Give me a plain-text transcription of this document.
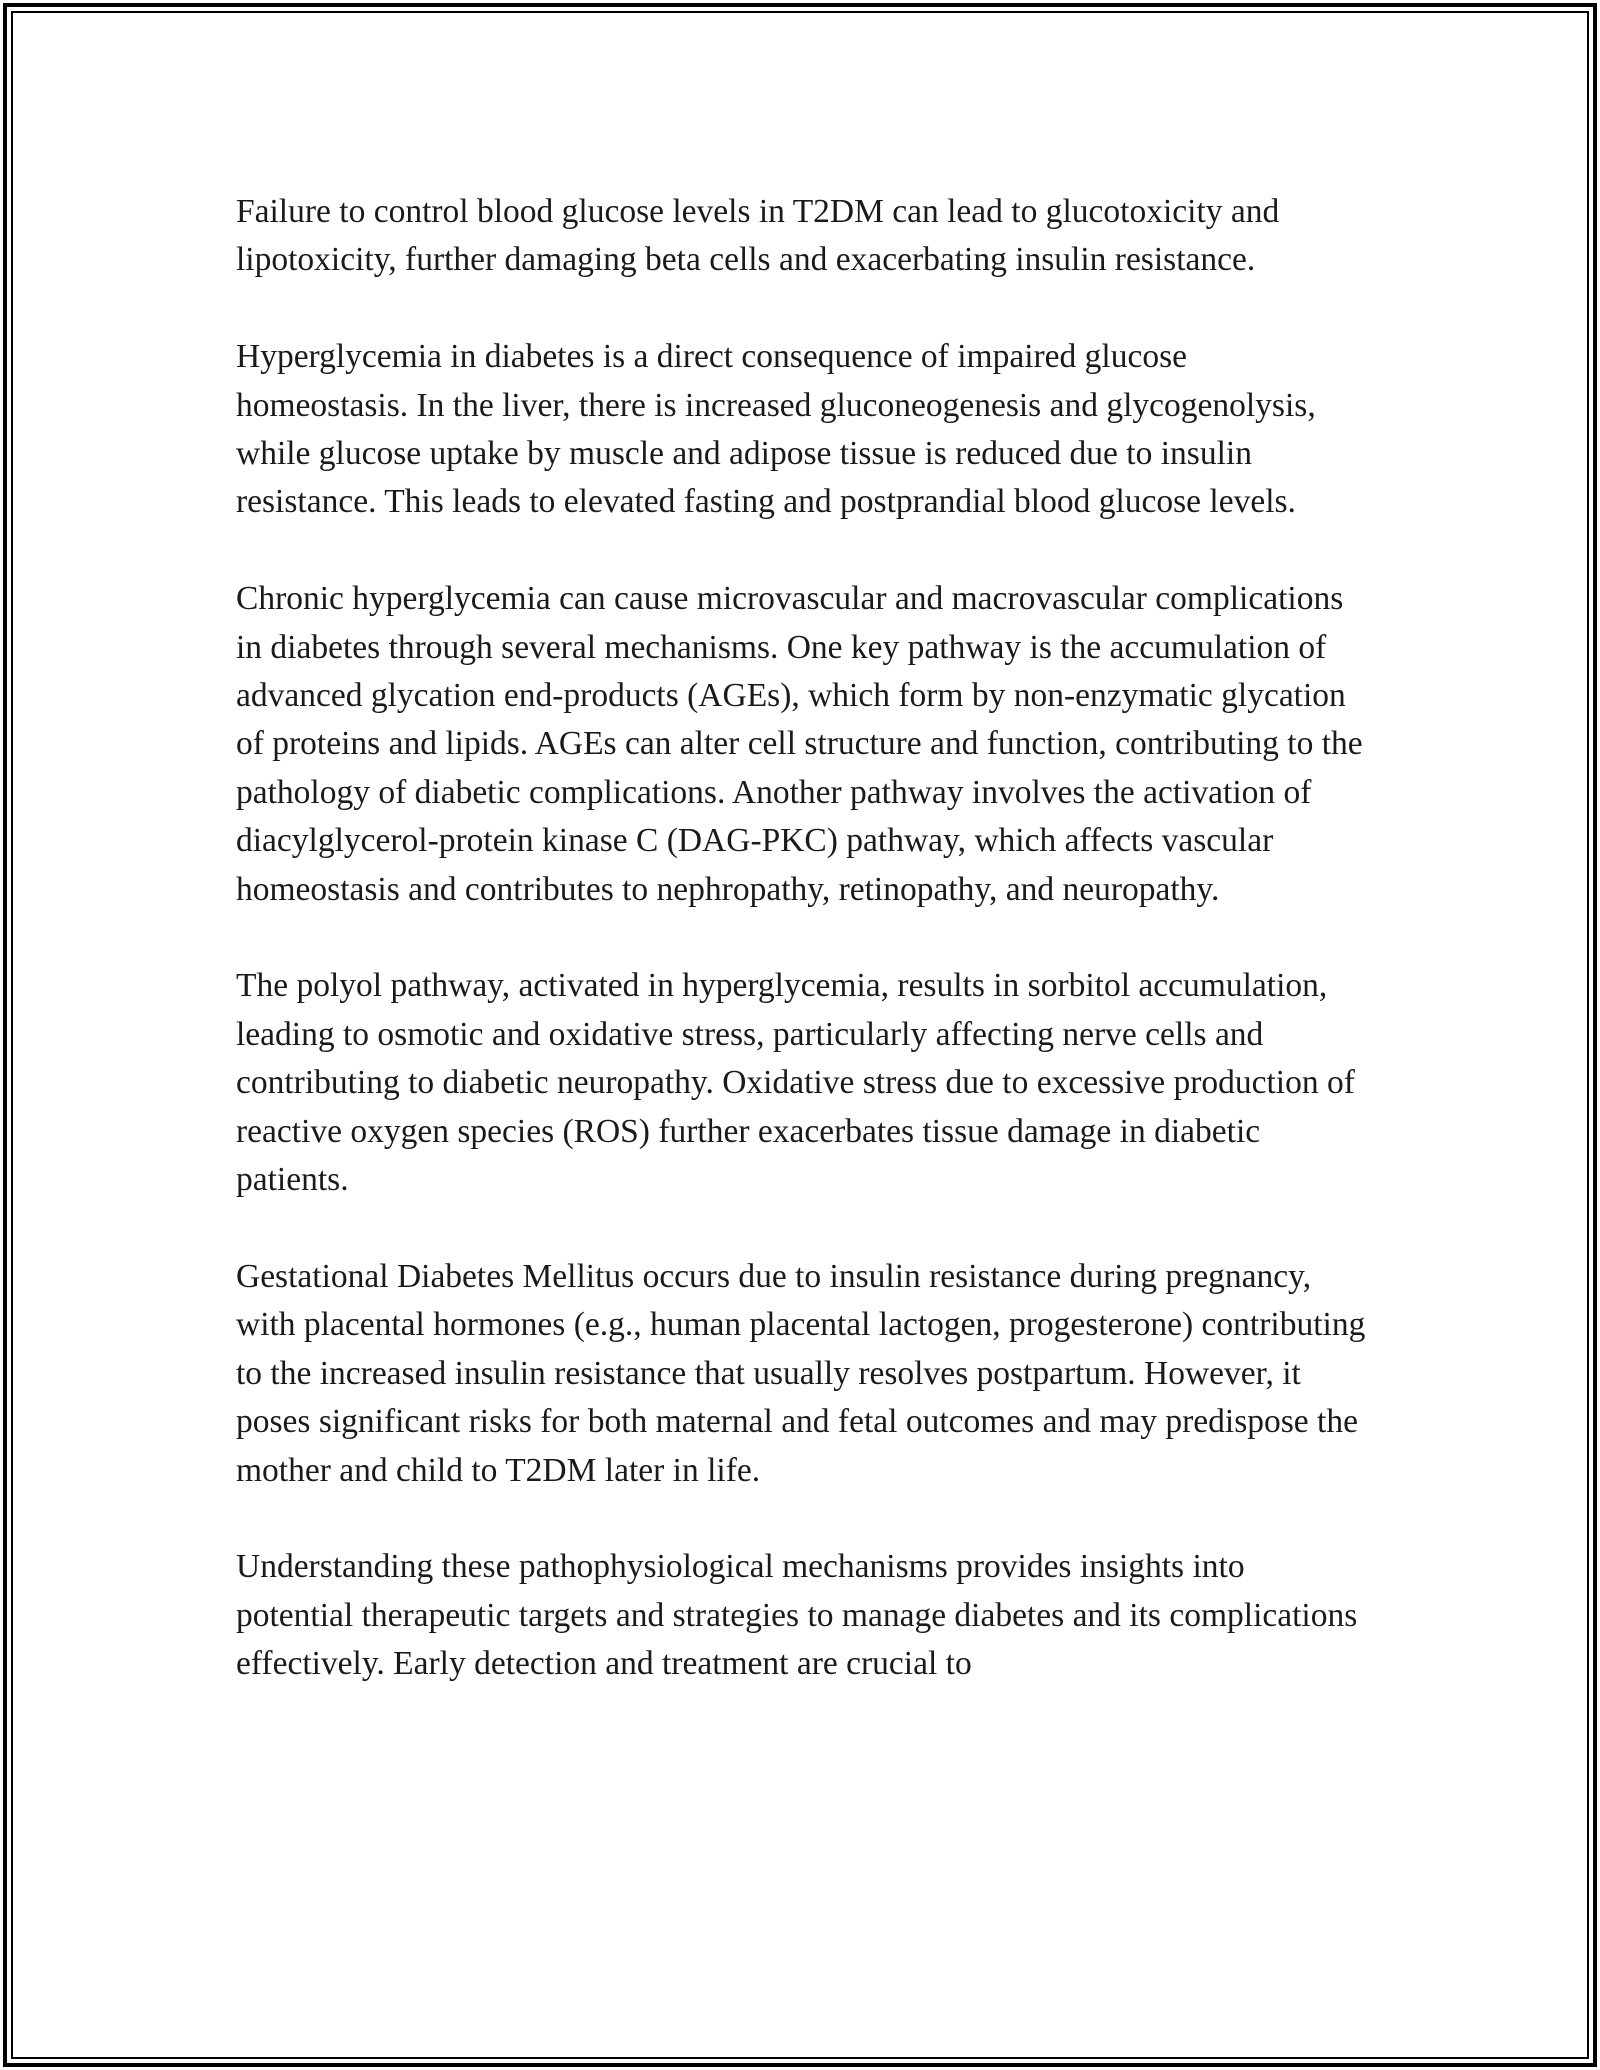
Failure to control blood glucose levels in T2DM can lead to glucotoxicity and lipotoxicity, further damaging beta cells and exacerbating insulin resistance.

Hyperglycemia in diabetes is a direct consequence of impaired glucose homeostasis. In the liver, there is increased gluconeogenesis and glycogenolysis, while glucose uptake by muscle and adipose tissue is reduced due to insulin resistance. This leads to elevated fasting and postprandial blood glucose levels.

Chronic hyperglycemia can cause microvascular and macrovascular complications in diabetes through several mechanisms. One key pathway is the accumulation of advanced glycation end-products (AGEs), which form by non-enzymatic glycation of proteins and lipids. AGEs can alter cell structure and function, contributing to the pathology of diabetic complications. Another pathway involves the activation of diacylglycerol-protein kinase C (DAG-PKC) pathway, which affects vascular homeostasis and contributes to nephropathy, retinopathy, and neuropathy.

The polyol pathway, activated in hyperglycemia, results in sorbitol accumulation, leading to osmotic and oxidative stress, particularly affecting nerve cells and contributing to diabetic neuropathy. Oxidative stress due to excessive production of reactive oxygen species (ROS) further exacerbates tissue damage in diabetic patients.

Gestational Diabetes Mellitus occurs due to insulin resistance during pregnancy, with placental hormones (e.g., human placental lactogen, progesterone) contributing to the increased insulin resistance that usually resolves postpartum. However, it poses significant risks for both maternal and fetal outcomes and may predispose the mother and child to T2DM later in life.

Understanding these pathophysiological mechanisms provides insights into potential therapeutic targets and strategies to manage diabetes and its complications effectively. Early detection and treatment are crucial to
